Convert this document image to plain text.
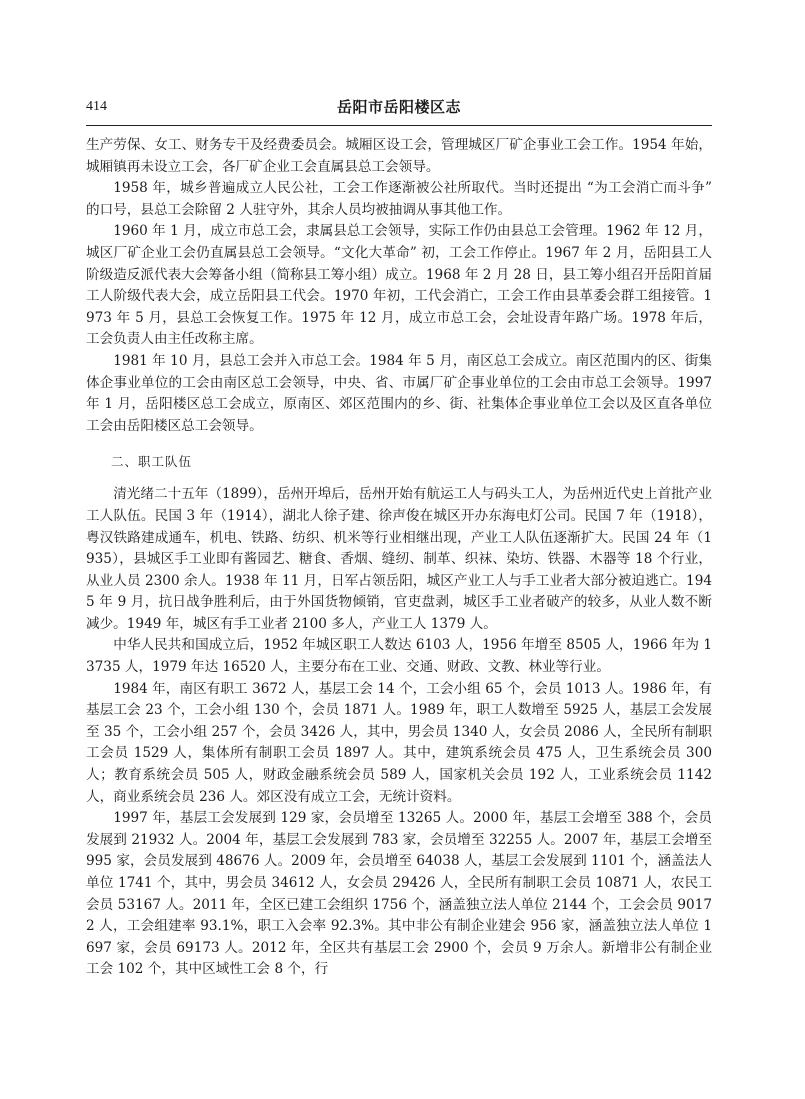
414	岳阳市岳阳楼区志

生产劳保、女工、财务专干及经费委员会。城厢区设工会，管理城区厂矿企事业工会工作。1954 年始，城厢镇再未设立工会，各厂矿企业工会直属县总工会领导。

1958 年，城乡普遍成立人民公社，工会工作逐渐被公社所取代。当时还提出 “为工会消亡而斗争” 的口号，县总工会除留 2 人驻守外，其余人员均被抽调从事其他工作。

1960 年 1 月，成立市总工会，隶属县总工会领导，实际工作仍由县总工会管理。1962 年 12 月，城区厂矿企业工会仍直属县总工会领导。“文化大革命” 初，工会工作停止。1967 年 2 月，岳阳县工人阶级造反派代表大会筹备小组（简称县工筹小组）成立。1968 年 2 月 28 日，县工筹小组召开岳阳首届工人阶级代表大会，成立岳阳县工代会。1970 年初，工代会消亡，工会工作由县革委会群工组接管。1973 年 5 月，县总工会恢复工作。1975 年 12 月，成立市总工会，会址设青年路广场。1978 年后，工会负责人由主任改称主席。

1981 年 10 月，县总工会并入市总工会。1984 年 5 月，南区总工会成立。南区范围内的区、街集体企事业单位的工会由南区总工会领导，中央、省、市属厂矿企事业单位的工会由市总工会领导。1997 年 1 月，岳阳楼区总工会成立，原南区、郊区范围内的乡、街、社集体企事业单位工会以及区直各单位工会由岳阳楼区总工会领导。

二、职工队伍

清光绪二十五年（1899），岳州开埠后，岳州开始有航运工人与码头工人，为岳州近代史上首批产业工人队伍。民国 3 年（1914），湖北人徐子建、徐声俊在城区开办东海电灯公司。民国 7 年（1918），粤汉铁路建成通车，机电、铁路、纺织、机米等行业相继出现，产业工人队伍逐渐扩大。民国 24 年（1935），县城区手工业即有酱园艺、糖食、香烟、缝纫、制革、织袜、染坊、铁器、木器等 18 个行业，从业人员 2300 余人。1938 年 11 月，日军占领岳阳，城区产业工人与手工业者大部分被迫逃亡。1945 年 9 月，抗日战争胜利后，由于外国货物倾销，官吏盘剥，城区手工业者破产的较多，从业人数不断减少。1949 年，城区有手工业者 2100 多人，产业工人 1379 人。

中华人民共和国成立后，1952 年城区职工人数达 6103 人，1956 年增至 8505 人，1966 年为 13735 人，1979 年达 16520 人，主要分布在工业、交通、财政、文教、林业等行业。

1984 年，南区有职工 3672 人，基层工会 14 个，工会小组 65 个，会员 1013 人。1986 年，有基层工会 23 个，工会小组 130 个，会员 1871 人。1989 年，职工人数增至 5925 人，基层工会发展至 35 个，工会小组 257 个，会员 3426 人，其中，男会员 1340 人，女会员 2086 人，全民所有制职工会员 1529 人，集体所有制职工会员 1897 人。其中，建筑系统会员 475 人，卫生系统会员 300 人；教育系统会员 505 人，财政金融系统会员 589 人，国家机关会员 192 人，工业系统会员 1142 人，商业系统会员 236 人。郊区没有成立工会，无统计资料。

1997 年，基层工会发展到 129 家，会员增至 13265 人。2000 年，基层工会增至 388 个，会员发展到 21932 人。2004 年，基层工会发展到 783 家，会员增至 32255 人。2007 年，基层工会增至 995 家，会员发展到 48676 人。2009 年，会员增至 64038 人，基层工会发展到 1101 个，涵盖法人单位 1741 个，其中，男会员 34612 人，女会员 29426 人，全民所有制职工会员 10871 人，农民工会员 53167 人。2011 年，全区已建工会组织 1756 个，涵盖独立法人单位 2144 个，工会会员 90172 人，工会组建率 93.1%，职工入会率 92.3%。其中非公有制企业建会 956 家，涵盖独立法人单位 1697 家，会员 69173 人。2012 年，全区共有基层工会 2900 个，会员 9 万余人。新增非公有制企业工会 102 个，其中区域性工会 8 个，行
